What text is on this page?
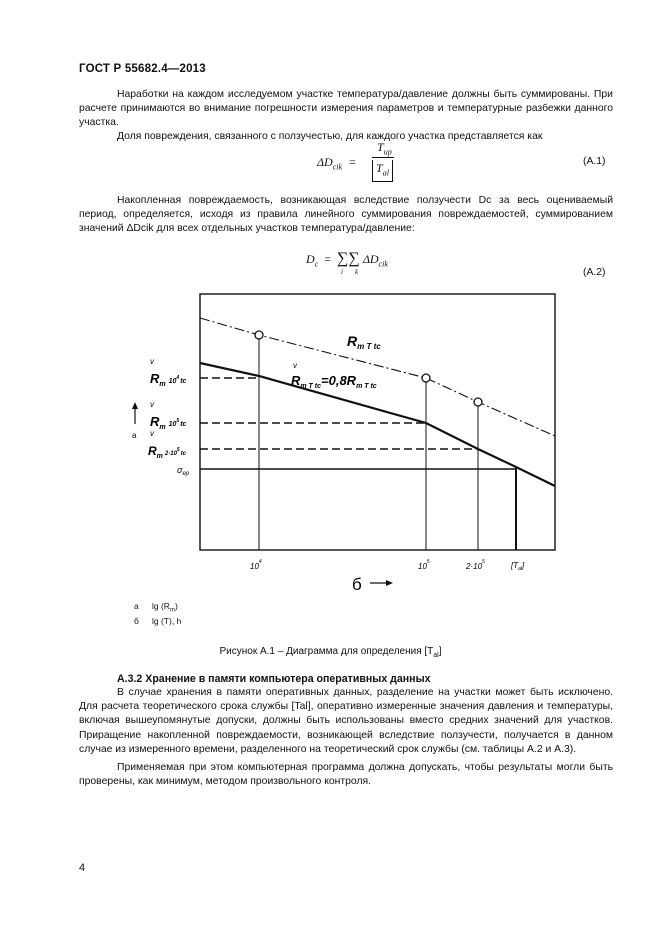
ГОСТ Р 55682.4—2013
Наработки на каждом исследуемом участке температура/давление должны быть суммированы. При расчете принимаются во внимание погрешности измерения параметров и температурные разбежки данного участка.
Доля повреждения, связанного с ползучестью, для каждого участка представляется как
$\Delta D_{cik}$ =
$T_{ир}$
$T_{al}$
(А.1)
Накопленная повреждаемость, возникающая вследствие ползучести Dc за весь оцениваемый период, определяется, исходя из правила линейного суммирования повреждаемостей, суммированием значений ΔDcik для всех отдельных участков температура/давление:
$D_c$ = ∑∑ $\Delta D_{cik}$
i k	(А.2)
$R_{m T tc}$
$R_{m T tc}=0,8R_{m T tc}$
$R_m$ $^{104}_{tc}$
$R_m$ $^{105}_{tc}$
$R_m$ $^{2\cdot 105}_{tc}$
$\sigma_{ep}$
v
v
v
v
a
$10^4$	$10^5$	$2\cdot 10^5$	$[T_{al}]$
б
а $\lg (R_m)$
б lg (T), h
Рисунок А.1 – Диаграмма для определения $[T_{al}]$
А.3.2 Хранение в памяти компьютера оперативных данных
В случае хранения в памяти оперативных данных, разделение на участки может быть исключено. Для расчета теоретического срока службы [Tal], оперативно измеренные значения давления и температуры, включая вышеупомянутые допуски, должны быть использованы вместо средних значений для участков. Приращение накопленной повреждаемости, возникающей вследствие ползучести, получается в данном случае из измеренного времени, разделенного на теоретический срок службы (см. таблицы А.2 и А.3).
Применяемая при этом компьютерная программа должна допускать, чтобы результаты могли быть проверены, как минимум, методом произвольного контроля.
4
